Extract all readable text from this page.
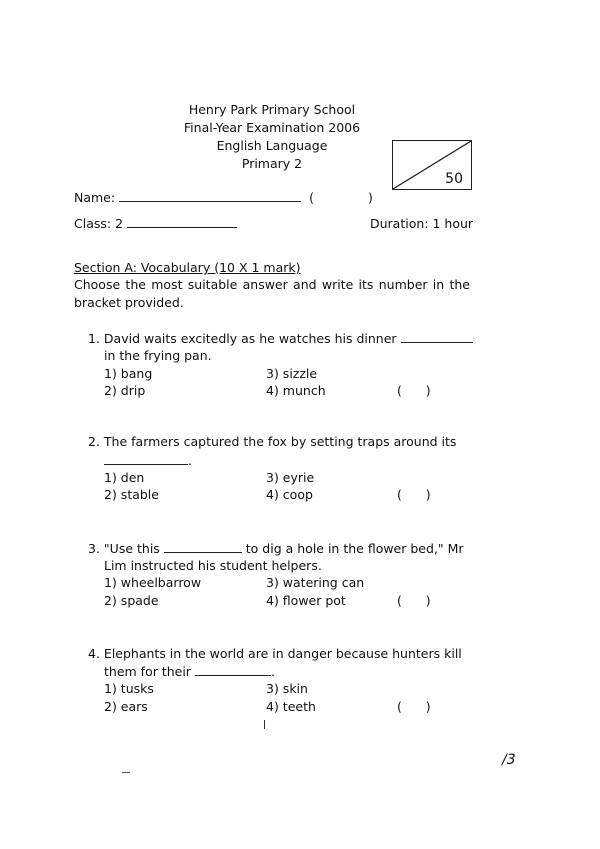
Henry Park Primary School
Final-Year Examination 2006
English Language
Primary 2
50
Name:	(	)
Class: 2	Duration: 1 hour
Section A: Vocabulary (10 X 1 mark)
Choose the most suitable answer and write its number in the
bracket provided.
1. David waits excitedly as he watches his dinner
in the frying pan.
1) bang	3) sizzle
2) drip	4) munch	(      )
2. The farmers captured the fox by setting traps around its
.
1) den	3) eyrie
2) stable	4) coop	(      )
3. "Use this	to dig a hole in the flower bed," Mr
Lim instructed his student helpers.
1) wheelbarrow	3) watering can
2) spade	4) flower pot	(      )
4. Elephants in the world are in danger because hunters kill
them for their	.
1) tusks	3) skin
2) ears	4) teeth	(      )
/3
